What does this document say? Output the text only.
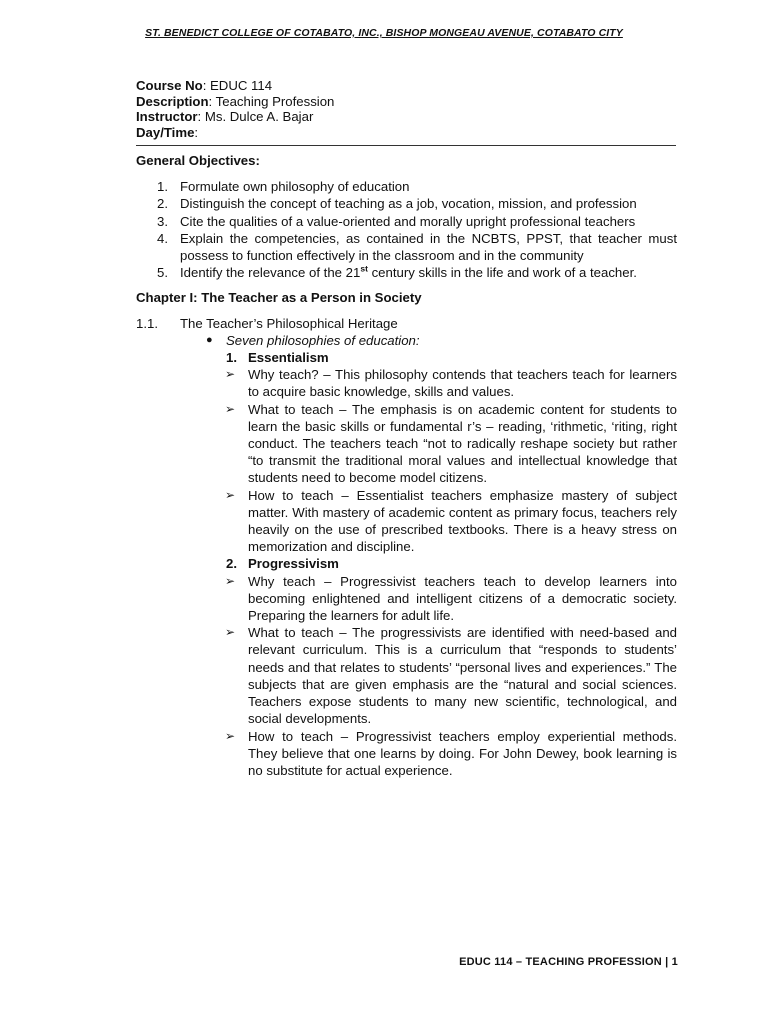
ST. BENEDICT COLLEGE OF COTABATO, INC., BISHOP MONGEAU AVENUE, COTABATO CITY
Course No: EDUC 114
Description: Teaching Profession
Instructor: Ms. Dulce A. Bajar
Day/Time:

General Objectives:

1. Formulate own philosophy of education
2. Distinguish the concept of teaching as a job, vocation, mission, and profession
3. Cite the qualities of a value-oriented and morally upright professional teachers
4. Explain the competencies, as contained in the NCBTS, PPST, that teacher must possess to function effectively in the classroom and in the community
5. Identify the relevance of the 21st century skills in the life and work of a teacher.

Chapter I: The Teacher as a Person in Society

1.1. The Teacher’s Philosophical Heritage
● Seven philosophies of education:
1. Essentialism
➢ Why teach? – This philosophy contends that teachers teach for learners to acquire basic knowledge, skills and values.
➢ What to teach – The emphasis is on academic content for students to learn the basic skills or fundamental r’s – reading, ‘rithmetic, ‘riting, right conduct. The teachers teach “not to radically reshape society but rather “to transmit the traditional moral values and intellectual knowledge that students need to become model citizens.
➢ How to teach – Essentialist teachers emphasize mastery of subject matter. With mastery of academic content as primary focus, teachers rely heavily on the use of prescribed textbooks. There is a heavy stress on memorization and discipline.
2. Progressivism
➢ Why teach – Progressivist teachers teach to develop learners into becoming enlightened and intelligent citizens of a democratic society. Preparing the learners for adult life.
➢ What to teach – The progressivists are identified with need-based and relevant curriculum. This is a curriculum that “responds to students’ needs and that relates to students’ “personal lives and experiences.” The subjects that are given emphasis are the “natural and social sciences. Teachers expose students to many new scientific, technological, and social developments.
➢ How to teach – Progressivist teachers employ experiential methods. They believe that one learns by doing. For John Dewey, book learning is no substitute for actual experience.
EDUC 114 – TEACHING PROFESSION | 1
